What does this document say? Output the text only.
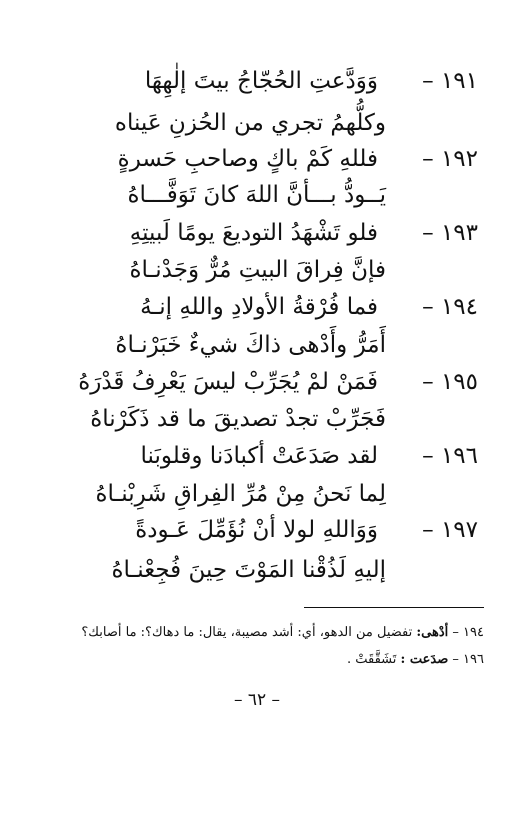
١٩١ –وَوَدَّعتِ الحُجّاجُ بيتَ إلٰهِهَا
وكلُّهمُ تجري من الحُزنِ عَيناه
١٩٢ –فللهِ كَمْ باكٍ وصاحبِ حَسرةٍ
يَــودُّ بـــأنَّ اللهَ كانَ تَوَفَّـــاهُ
١٩٣ –فلو تَشْهَدُ التوديعَ يومًا لَبيتِهِ
فإنَّ فِراقَ البيتِ مُرٌّ وَجَدْنـاهُ
١٩٤ –فما فُرْقةُ الأولادِ واللهِ إنـهُ
أَمَرُّ وأَدْهى ذاكَ شيءٌ خَبَرْنـاهُ
١٩٥ –فَمَنْ لمْ يُجَرِّبْ ليسَ يَعْرِفُ قَدْرَهُ
فَجَرِّبْ تجدْ تصديقَ ما قد ذَكَرْناهُ
١٩٦ –لقد صَدَعَتْ أكبادَنا وقلوبَنا
لِما نَحنُ مِنْ مُرِّ الفِراقِ شَرِبْنـاهُ
١٩٧ –وَوَاللهِ لولا أنْ نُؤَمِّلَ عَـودةً
إليهِ لَذُقْنا المَوْتَ حِينَ فُجِعْنـاهُ
١٩٤ – أدْهى: تفضيل من الدهو، أي: أشد مصيبة، يقال: ما دهاك؟: ما أصابك؟
١٩٦ – صدَعت : تَشَقَّقَتْ .
– ٦٢ –
